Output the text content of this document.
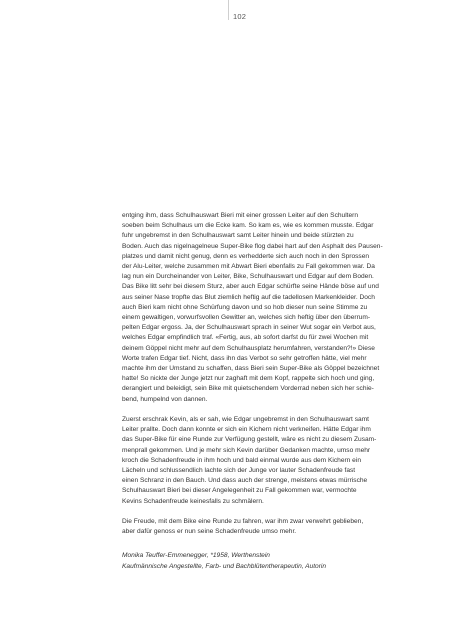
102

entging ihm, dass Schulhauswart Bieri mit einer grossen Leiter auf den Schultern
soeben beim Schulhaus um die Ecke kam. So kam es, wie es kommen musste. Edgar
fuhr ungebremst in den Schulhauswart samt Leiter hinein und beide stürzten zu
Boden. Auch das nigelnagelneue Super-Bike flog dabei hart auf den Asphalt des Pausen-
platzes und damit nicht genug, denn es verhedderte sich auch noch in den Sprossen
der Alu-Leiter, welche zusammen mit Abwart Bieri ebenfalls zu Fall gekommen war. Da
lag nun ein Durcheinander von Leiter, Bike, Schulhauswart und Edgar auf dem Boden.
Das Bike litt sehr bei diesem Sturz, aber auch Edgar schürfte seine Hände böse auf und
aus seiner Nase tropfte das Blut ziemlich heftig auf die tadellosen Markenkleider. Doch
auch Bieri kam nicht ohne Schürfung davon und so hob dieser nun seine Stimme zu
einem gewaltigen, vorwurfsvollen Gewitter an, welches sich heftig über den überrum-
pelten Edgar ergoss. Ja, der Schulhauswart sprach in seiner Wut sogar ein Verbot aus,
welches Edgar empfindlich traf. «Fertig, aus, ab sofort darfst du für zwei Wochen mit
deinem Göppel nicht mehr auf dem Schulhausplatz herumfahren, verstanden?!» Diese
Worte trafen Edgar tief. Nicht, dass ihn das Verbot so sehr getroffen hätte, viel mehr
machte ihm der Umstand zu schaffen, dass Bieri sein Super-Bike als Göppel bezeichnet
hatte! So nickte der Junge jetzt nur zaghaft mit dem Kopf, rappelte sich hoch und ging,
derangiert und beleidigt, sein Bike mit quietschendem Vorderrad neben sich her schie-
bend, humpelnd von dannen.

Zuerst erschrak Kevin, als er sah, wie Edgar ungebremst in den Schulhauswart samt
Leiter prallte. Doch dann konnte er sich ein Kichern nicht verkneifen. Hätte Edgar ihm
das Super-Bike für eine Runde zur Verfügung gestellt, wäre es nicht zu diesem Zusam-
menprall gekommen. Und je mehr sich Kevin darüber Gedanken machte, umso mehr
kroch die Schadenfreude in ihm hoch und bald einmal wurde aus dem Kichern ein
Lächeln und schlussendlich lachte sich der Junge vor lauter Schadenfreude fast
einen Schranz in den Bauch. Und dass auch der strenge, meistens etwas mürrische
Schulhauswart Bieri bei dieser Angelegenheit zu Fall gekommen war, vermochte
Kevins Schadenfreude keinesfalls zu schmälern.

Die Freude, mit dem Bike eine Runde zu fahren, war ihm zwar verwehrt geblieben,
aber dafür genoss er nun seine Schadenfreude umso mehr.

Monika Teuffer-Emmenegger, *1958, Werthenstein
Kaufmännische Angestellte, Farb- und Bachblütentherapeutin, Autorin
